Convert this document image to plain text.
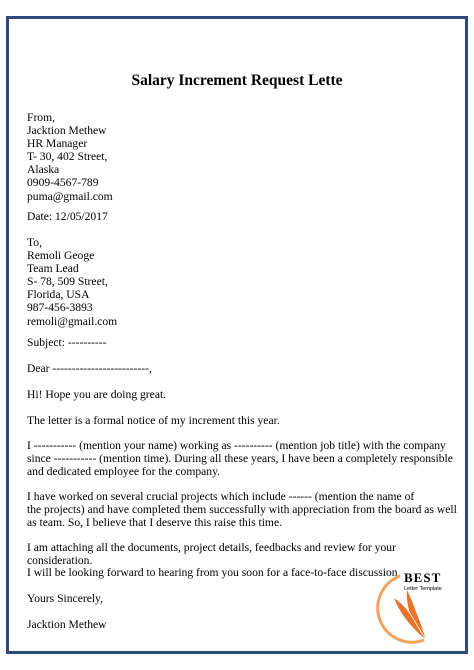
Salary Increment Request Lette
From,
Jacktion Methew
HR Manager
T- 30, 402 Street,
Alaska
0909-4567-789
puma@gmail.com
Date: 12/05/2017
To,
Remoli Geoge
Team Lead
S- 78, 509 Street,
Florida, USA
987-456-3893
remoli@gmail.com
Subject: ----------
Dear -------------------------,
Hi! Hope you are doing great.
The letter is a formal notice of my increment this year.
I ----------- (mention your name) working as ---------- (mention job title) with the company
since ----------- (mention time). During all these years, I have been a completely responsible
and dedicated employee for the company.
I have worked on several crucial projects which include ------ (mention the name of
the projects) and have completed them successfully with appreciation from the board as well
as team. So, I believe that I deserve this raise this time.
I am attaching all the documents, project details, feedbacks and review for your consideration.
I will be looking forward to hearing from you soon for a face-to-face discussion.
Yours Sincerely,
Jacktion Methew
BEST
Letter Template
